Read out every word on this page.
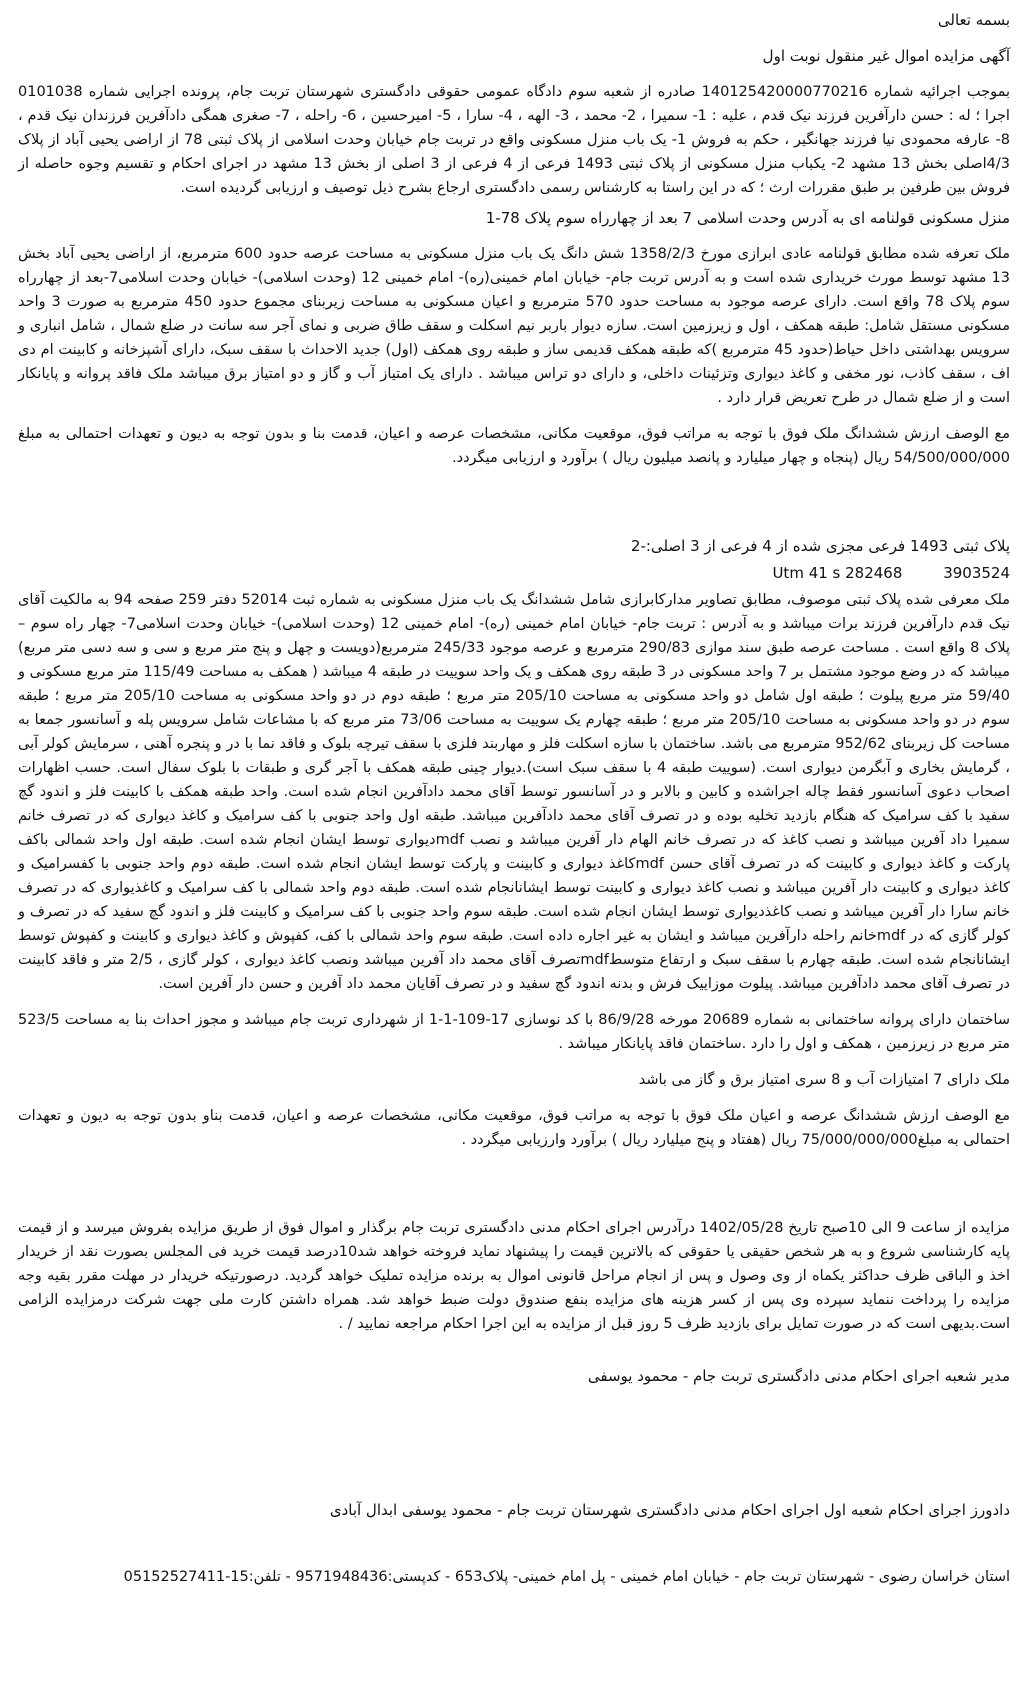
بسمه تعالی

آگهی مزایده اموال غیر منقول نوبت اول

بموجب اجرائیه شماره 140125420000770216 صادره از شعبه سوم دادگاه عمومی حقوقی دادگستری شهرستان تربت جام، پرونده اجرایی شماره 0101038 اجرا ؛ له : حسن دارآفرین فرزند نیک قدم ، علیه : 1- سمیرا ، 2- محمد ، 3- الهه ، 4- سارا ، 5- امیرحسین ، 6- راحله ، 7- صغری همگی دادآفرین فرزندان نیک قدم ، 8- عارفه محمودی نیا فرزند جهانگیر ، حکم به فروش 1- یک باب منزل مسکونی واقع در تربت جام خیابان وحدت اسلامی از پلاک ثبتی 78 از اراضی یحیی آباد از پلاک 4/3اصلی بخش 13 مشهد 2- یکباب منزل مسکونی از پلاک ثبتی 1493 فرعی از 4 فرعی از 3 اصلی از بخش 13 مشهد در اجرای احکام و تقسیم وجوه حاصله از فروش بین طرفین بر طبق مقررات ارث ؛ که در این راستا به کارشناس رسمی دادگستری ارجاع بشرح ذیل توصیف و ارزیابی گردیده است.

منزل مسکونی قولنامه ای به آدرس وحدت اسلامی 7 بعد از چهارراه سوم پلاک 78-1

ملک تعرفه شده مطابق قولنامه عادی ابرازی مورخ 1358/2/3 شش دانگ یک باب منزل مسکونی به مساحت عرصه حدود 600 مترمربع، از اراضی یحیی آباد بخش 13 مشهد توسط مورث خریداری شده است و به آدرس تربت جام- خیابان امام خمینی(ره)- امام خمینی 12 (وحدت اسلامی)- خیابان وحدت اسلامی7-بعد از چهارراه سوم پلاک 78 واقع است. دارای عرصه موجود به مساحت حدود 570 مترمربع و اعیان مسکونی به مساحت زیربنای مجموع حدود 450 مترمربع به صورت 3 واحد مسکونی مستقل شامل: طبقه همکف ، اول و زیرزمین است. سازه دیوار باربر نیم اسکلت و سقف طاق ضربی و نمای آجر سه سانت در ضلع شمال ، شامل انباری و سرویس بهداشتی داخل حیاط(حدود 45 مترمربع )که طبقه همکف قدیمی ساز و طبقه روی همکف (اول) جدید الاحداث با سقف سبک، دارای آشپزخانه و کابینت ام دی اف ، سقف کاذب، نور مخفی و کاغذ دیواری وتزئینات داخلی، و دارای دو تراس میباشد . دارای یک امتیاز آب و گاز و دو امتیاز برق میباشد ملک فاقد پروانه و پایانکار است و از ضلع شمال در طرح تعریض قرار دارد .

مع الوصف ارزش ششدانگ ملک فوق با توجه به مراتب فوق، موقعیت مکانی، مشخصات عرصه و اعیان، قدمت بنا و بدون توجه به دیون و تعهدات احتمالی به مبلغ 54/500/000/000 ریال (پنجاه و چهار میلیارد و پانصد میلیون ریال ) برآورد و ارزیابی میگردد.

پلاک ثبتی 1493 فرعی مجزی شده از 4 فرعی از 3 اصلی:-2

Utm 41 s 282468	3903524

ملک معرفی شده پلاک ثبتی موصوف، مطابق تصاویر مدارکابرازی شامل ششدانگ یک باب منزل مسکونی به شماره ثبت 52014 دفتر 259 صفحه 94 به مالکیت آقای نیک قدم دارآفرین فرزند برات میباشد و به آدرس : تربت جام- خیابان امام خمینی (ره)- امام خمینی 12 (وحدت اسلامی)- خیابان وحدت اسلامی7- چهار راه سوم – پلاک 8 واقع است . مساحت عرصه طبق سند موازی 290/83 مترمربع و عرصه موجود 245/33 مترمربع(دویست و چهل و پنج متر مربع و سی و سه دسی متر مربع) میباشد که در وضع موجود مشتمل بر 7 واحد مسکونی در 3 طبقه روی همکف و یک واحد سوییت در طبقه 4 میباشد ( همکف به مساحت 115/49 متر مربع مسکونی و 59/40 متر مربع پیلوت ؛ طبقه اول شامل دو واحد مسکونی به مساحت 205/10 متر مربع ؛ طبقه دوم در دو واحد مسکونی به مساحت 205/10 متر مربع ؛ طبقه سوم در دو واحد مسکونی به مساحت 205/10 متر مربع ؛ طبقه چهارم یک سوییت به مساحت 73/06 متر مربع که با مشاعات شامل سرویس پله و آسانسور جمعا به مساحت کل زیربنای 952/62 مترمربع می باشد. ساختمان با سازه اسکلت فلز و مهاربند فلزی با سقف تیرچه بلوک و فاقد نما با در و پنجره آهنی ، سرمایش کولر آبی ، گرمایش بخاری و آبگرمن دیواری است. (سوییت طبقه 4 با سقف سبک است).دیوار چینی طبقه همکف با آجر گری و طبقات با بلوک سفال است. حسب اظهارات اصحاب دعوی آسانسور فقط چاله اجراشده و کابین و بالابر و در آسانسور توسط آقای محمد دادآفرین انجام شده است. واحد طبقه همکف با کابینت فلز و اندود گچ سفید با کف سرامیک که هنگام بازدید تخلیه بوده و در تصرف آقای محمد دادآفرین میباشد. طبقه اول واحد جنوبی با کف سرامیک و کاغذ دیواری که در تصرف خانم سمیرا داد آفرین میباشد و نصب کاغذ که در تصرف خانم الهام دار آفرین میباشد و نصب mdfدیواری توسط ایشان انجام شده است. طبقه اول واحد شمالی باکف پارکت و کاغذ دیواری و کابینت که در تصرف آقای حسن mdfکاغذ دیواری و کابینت و پارکت توسط ایشان انجام شده است. طبقه دوم واحد جنوبی با کفسرامیک و کاغذ دیواری و کابینت دار آفرین میباشد و نصب کاغذ دیواری و کابینت توسط ایشانانجام شده است. طبقه دوم واحد شمالی با کف سرامیک و کاغذیواری که در تصرف خانم سارا دار آفرین میباشد و نصب کاغذدیواری توسط ایشان انجام شده است. طبقه سوم واحد جنوبی با کف سرامیک و کابینت فلز و اندود گچ سفید که در تصرف و کولر گازی که در mdfخانم راحله دارآفرین میباشد و ایشان به غیر اجاره داده است. طبقه سوم واحد شمالی با کف، کفپوش و کاغذ دیواری و کابینت و کفپوش توسط ایشانانجام شده است. طبقه چهارم با سقف سبک و ارتفاع متوسطmdfتصرف آقای محمد داد آفرین میباشد ونصب کاغذ دیواری ، کولر گازی ، 2/5 متر و فاقد کابینت در تصرف آقای محمد دادآفرین میباشد. پیلوت موزاییک فرش و بدنه اندود گچ سفید و در تصرف آقایان محمد داد آفرین و حسن دار آفرین است.

ساختمان دارای پروانه ساختمانی به شماره 20689 مورخه 86/9/28 با کد نوسازی 17-109-1-1 از شهرداری تربت جام میباشد و مجوز احداث بنا به مساحت 523/5 متر مربع در زیرزمین ، همکف و اول را دارد .ساختمان فاقد پایانکار میباشد .

ملک دارای 7 امتیازات آب و 8 سری امتیاز برق و گاز می باشد

مع الوصف ارزش ششدانگ عرصه و اعیان ملک فوق با توجه به مراتب فوق، موقعیت مکانی، مشخصات عرصه و اعیان، قدمت بناو بدون توجه به دیون و تعهدات احتمالی به مبلغ75/000/000/000 ریال (هفتاد و پنج میلیارد ریال ) برآورد وارزیابی میگردد .

مزایده از ساعت 9 الی 10صبح تاریخ 1402/05/28 درآدرس اجرای احکام مدنی دادگستری تربت جام برگذار و اموال فوق از طریق مزایده بفروش میرسد و از قیمت پایه کارشناسی شروع و به هر شخص حقیقی یا حقوقی که بالاترین قیمت را پیشنهاد نماید فروخته خواهد شد10درصد قیمت خرید فی المجلس بصورت نقد از خریدار اخذ و الباقی ظرف حداکثر یکماه از وی وصول و پس از انجام مراحل قانونی اموال به برنده مزایده تملیک خواهد گردید. درصورتیکه خریدار در مهلت مقرر بقیه وجه مزایده را پرداخت ننماید سپرده وی پس از کسر هزینه های مزایده بنفع صندوق دولت ضبط خواهد شد. همراه داشتن کارت ملی جهت شرکت درمزایده الزامی است.بدیهی است که در صورت تمایل برای بازدید ظرف 5 روز قبل از مزایده به این اجرا احکام مراجعه نمایید / .

مدیر شعبه اجرای احکام مدنی دادگستری تربت جام - محمود یوسفی

دادورز اجرای احکام شعبه اول اجرای احکام مدنی دادگستری شهرستان تربت جام - محمود یوسفی ابدال آبادی

استان خراسان رضوی - شهرستان تربت جام - خیابان امام خمینی - پل امام خمینی- پلاک653 - کدپستی:9571948436 - تلفن:15-05152527411
